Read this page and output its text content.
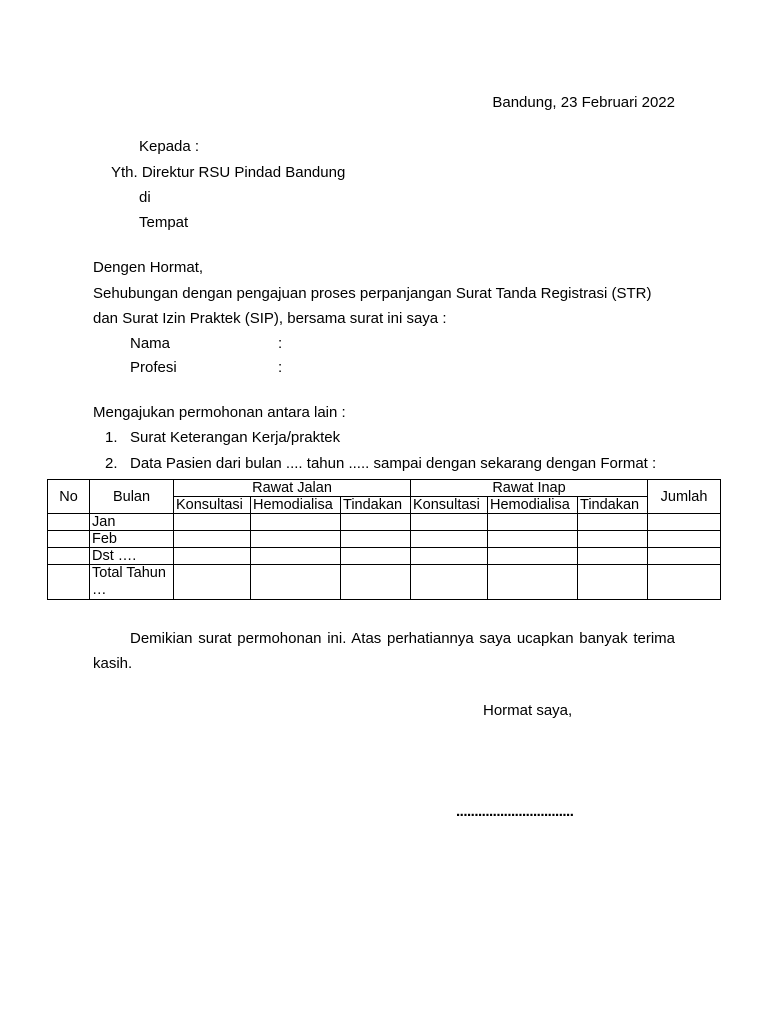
Bandung, 23 Februari 2022
Kepada :
Yth. Direktur RSU Pindad Bandung
di
Tempat
Dengen Hormat,
Sehubungan dengan pengajuan proses perpanjangan Surat Tanda Registrasi (STR)
dan Surat Izin Praktek (SIP), bersama surat ini saya :
Nama	:
Profesi	:
Mengajukan permohonan antara lain :
1. Surat Keterangan Kerja/praktek
2. Data Pasien dari bulan .... tahun ..... sampai dengan sekarang dengan Format :
No	Bulan	Rawat Jalan			Rawat Inap			Jumlah
		Konsultasi	Hemodialisa	Tindakan	Konsultasi	Hemodialisa	Tindakan	
	Jan							
	Feb							
	Dst ….							
	Total Tahun …							
Demikian surat permohonan ini. Atas perhatiannya saya ucapkan banyak terima kasih.
Hormat saya,
................................
